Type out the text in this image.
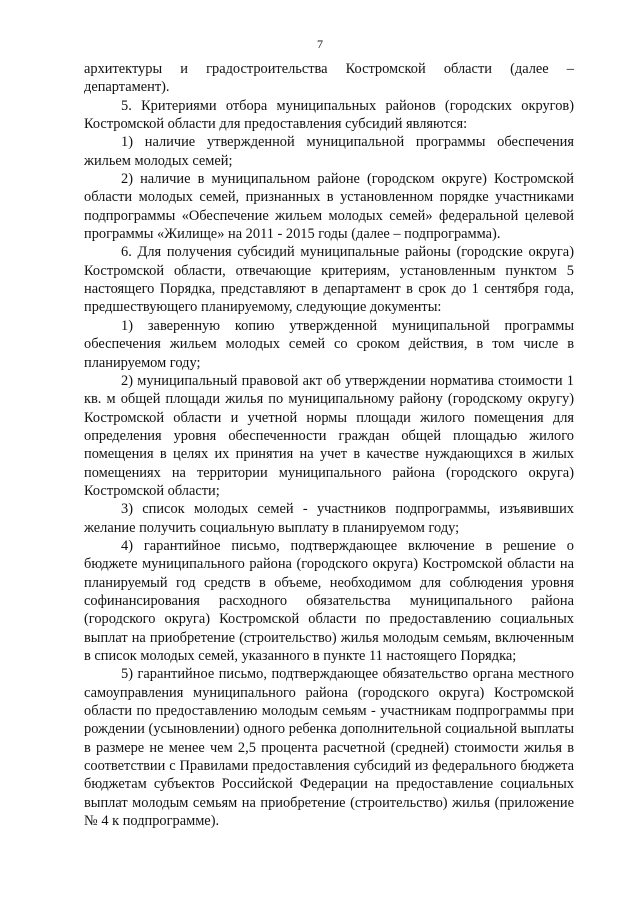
7

архитектуры и градостроительства Костромской области (далее – департамент).

5. Критериями отбора муниципальных районов (городских округов) Костромской области для предоставления субсидий являются:

1) наличие утвержденной муниципальной программы обеспечения жильем молодых семей;

2) наличие в муниципальном районе (городском округе) Костромской области молодых семей, признанных в установленном порядке участниками подпрограммы «Обеспечение жильем молодых семей» федеральной целевой программы «Жилище» на 2011 - 2015 годы (далее – подпрограмма).

6. Для получения субсидий муниципальные районы (городские округа) Костромской области, отвечающие критериям, установленным пунктом 5 настоящего Порядка, представляют в департамент в срок до 1 сентября года, предшествующего планируемому, следующие документы:

1) заверенную копию утвержденной муниципальной программы обеспечения жильем молодых семей со сроком действия, в том числе в планируемом году;

2) муниципальный правовой акт об утверждении норматива стоимости 1 кв. м общей площади жилья по муниципальному району (городскому округу) Костромской области и учетной нормы площади жилого помещения для определения уровня обеспеченности граждан общей площадью жилого помещения в целях их принятия на учет в качестве нуждающихся в жилых помещениях на территории муниципального района (городского округа) Костромской области;

3) список молодых семей - участников подпрограммы, изъявивших желание получить социальную выплату в планируемом году;

4) гарантийное письмо, подтверждающее включение в решение о бюджете муниципального района (городского округа) Костромской области на планируемый год средств в объеме, необходимом для соблюдения уровня софинансирования расходного обязательства муниципального района (городского округа) Костромской области по предоставлению социальных выплат на приобретение (строительство) жилья молодым семьям, включенным в список молодых семей, указанного в пункте 11 настоящего Порядка;

5) гарантийное письмо, подтверждающее обязательство органа местного самоуправления муниципального района (городского округа) Костромской области по предоставлению молодым семьям - участникам подпрограммы при рождении (усыновлении) одного ребенка дополнительной социальной выплаты в размере не менее чем 2,5 процента расчетной (средней) стоимости жилья в соответствии с Правилами предоставления субсидий из федерального бюджета бюджетам субъектов Российской Федерации на предоставление социальных выплат молодым семьям на приобретение (строительство) жилья (приложение № 4 к подпрограмме).
